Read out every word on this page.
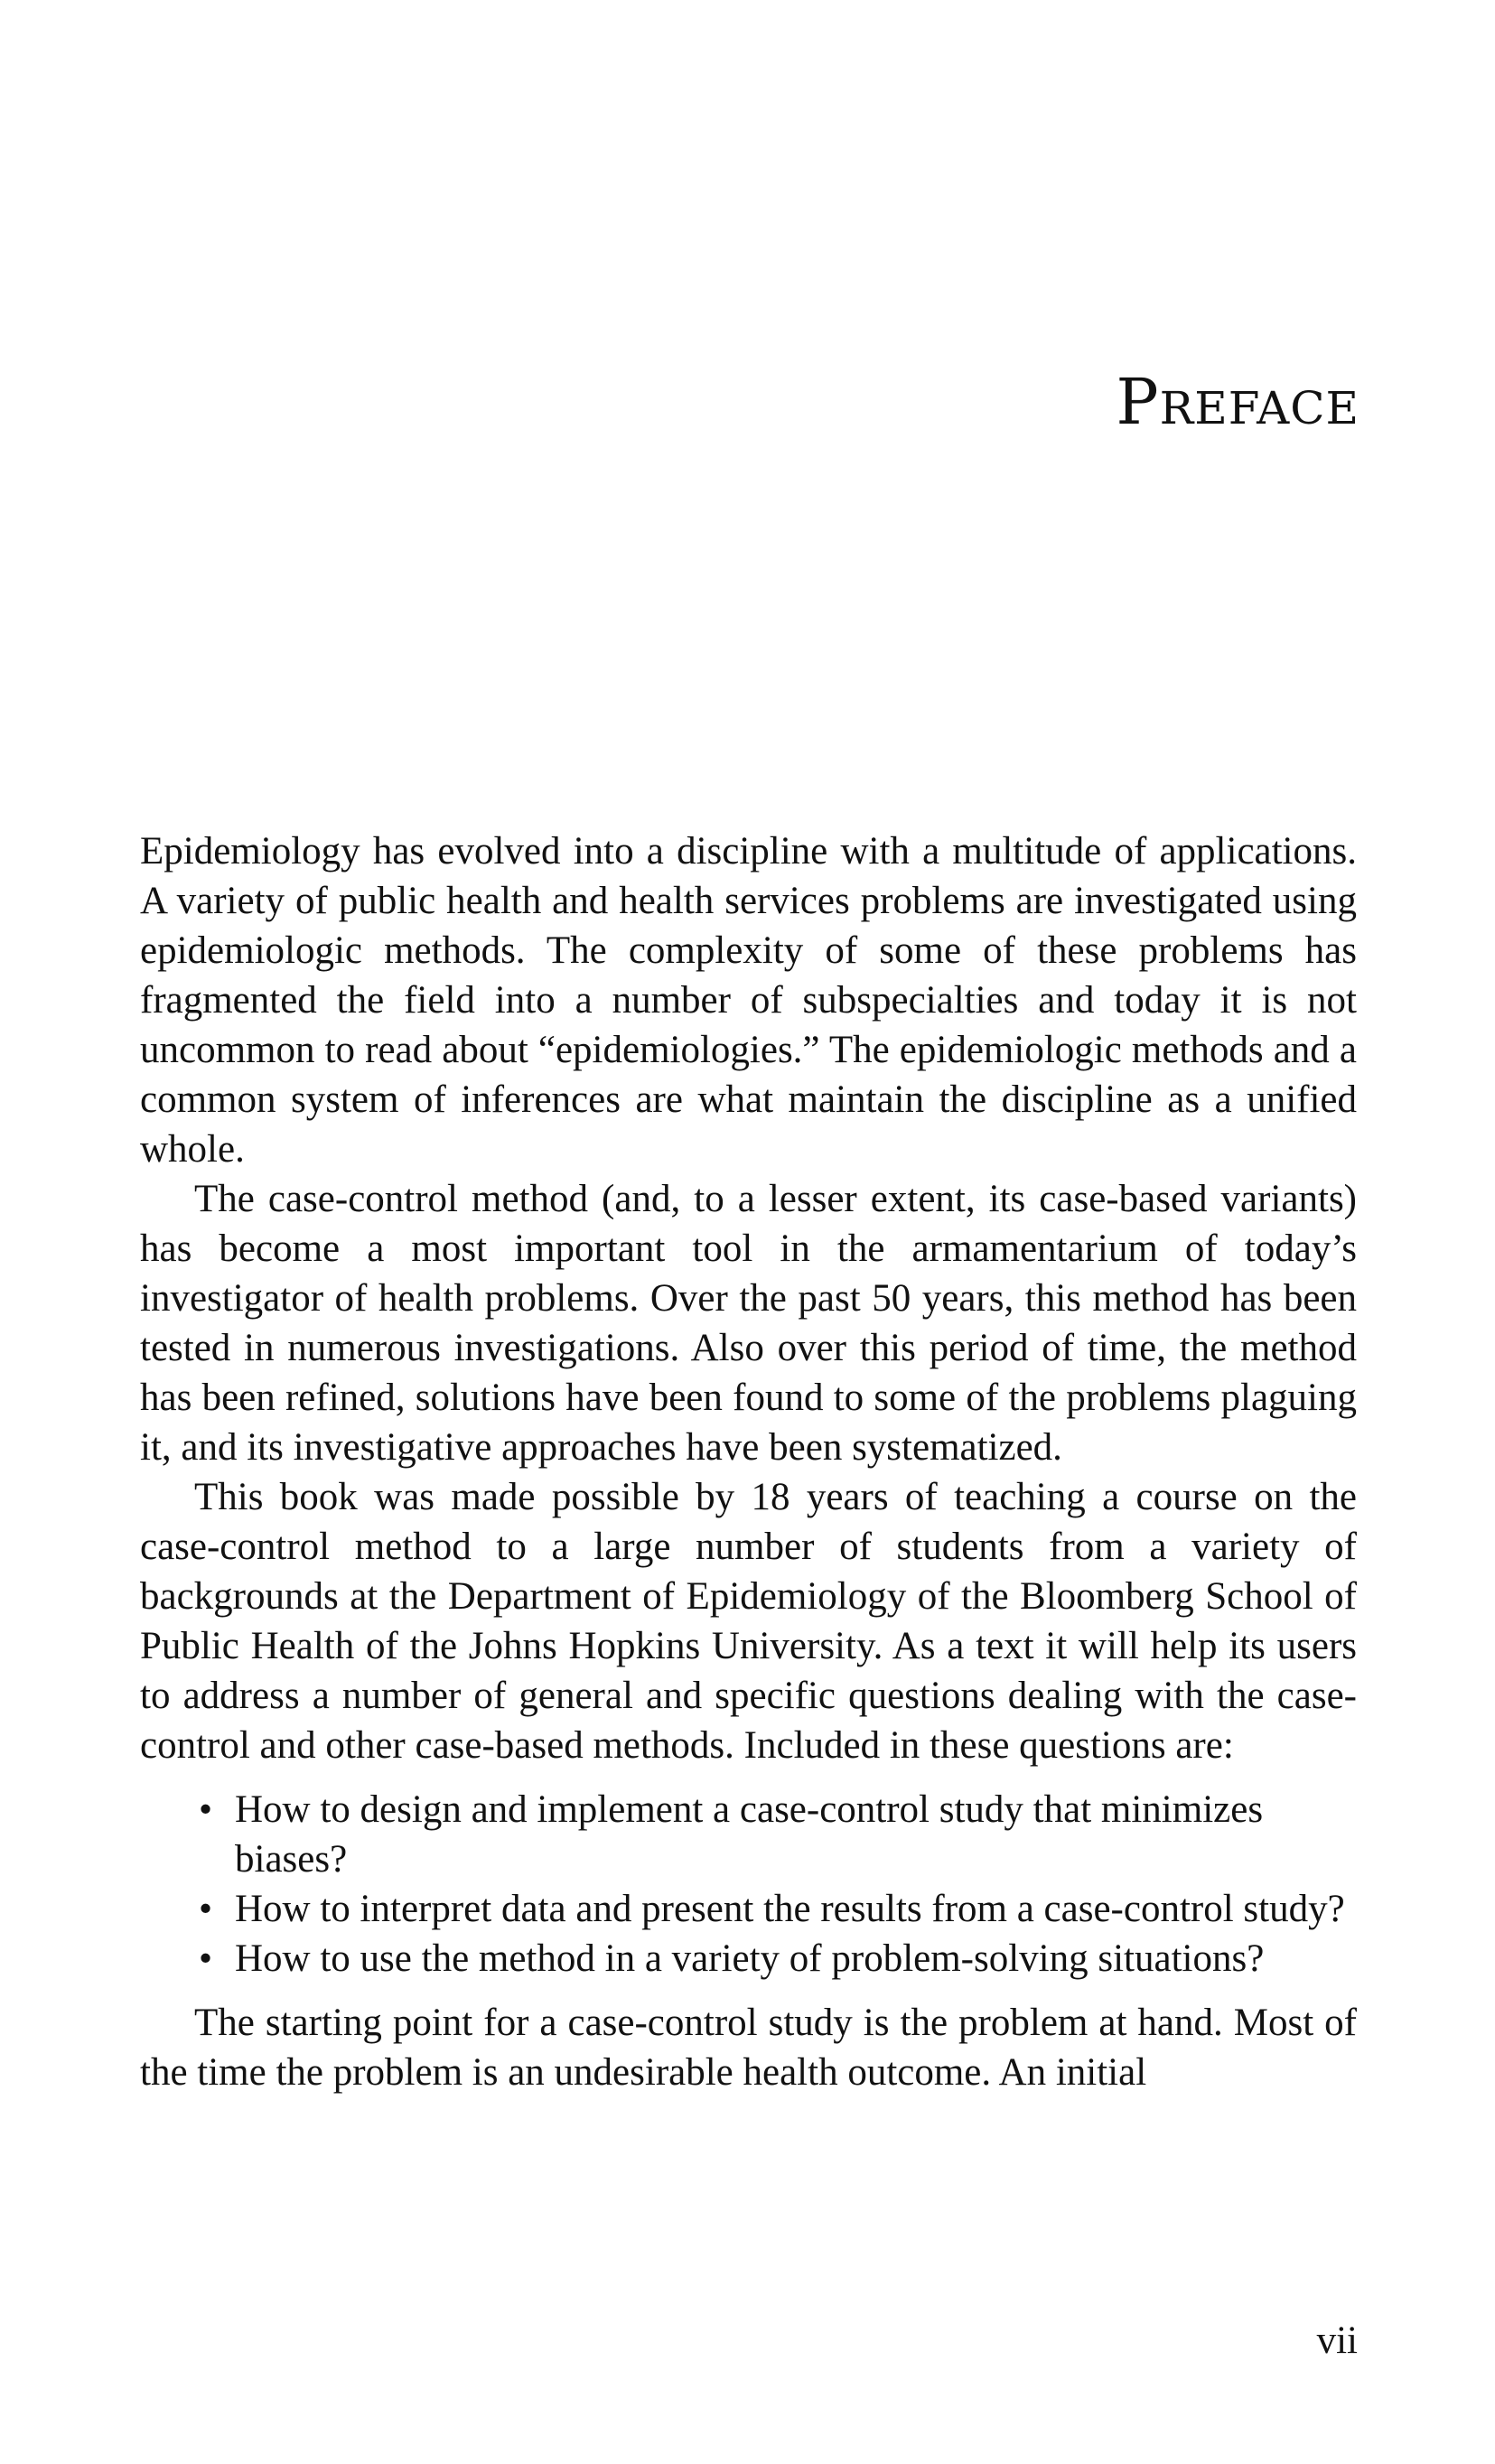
PREFACE

Epidemiology has evolved into a discipline with a multitude of applications. A variety of public health and health services problems are investigated using epidemiologic methods. The complexity of some of these problems has fragmented the field into a number of subspecialties and today it is not uncommon to read about “epidemiologies.” The epidemiologic methods and a common system of inferences are what maintain the discipline as a unified whole.

The case-control method (and, to a lesser extent, its case-based variants) has become a most important tool in the armamentarium of today’s investigator of health problems. Over the past 50 years, this method has been tested in numerous investigations. Also over this period of time, the method has been refined, solutions have been found to some of the problems plaguing it, and its investigative approaches have been systematized.

This book was made possible by 18 years of teaching a course on the case-control method to a large number of students from a variety of backgrounds at the Department of Epidemiology of the Bloomberg School of Public Health of the Johns Hopkins University. As a text it will help its users to address a number of general and specific questions dealing with the case-control and other case-based methods. Included in these questions are:

• How to design and implement a case-control study that minimizes biases?
• How to interpret data and present the results from a case-control study?
• How to use the method in a variety of problem-solving situations?

The starting point for a case-control study is the problem at hand. Most of the time the problem is an undesirable health outcome. An initial

vii
